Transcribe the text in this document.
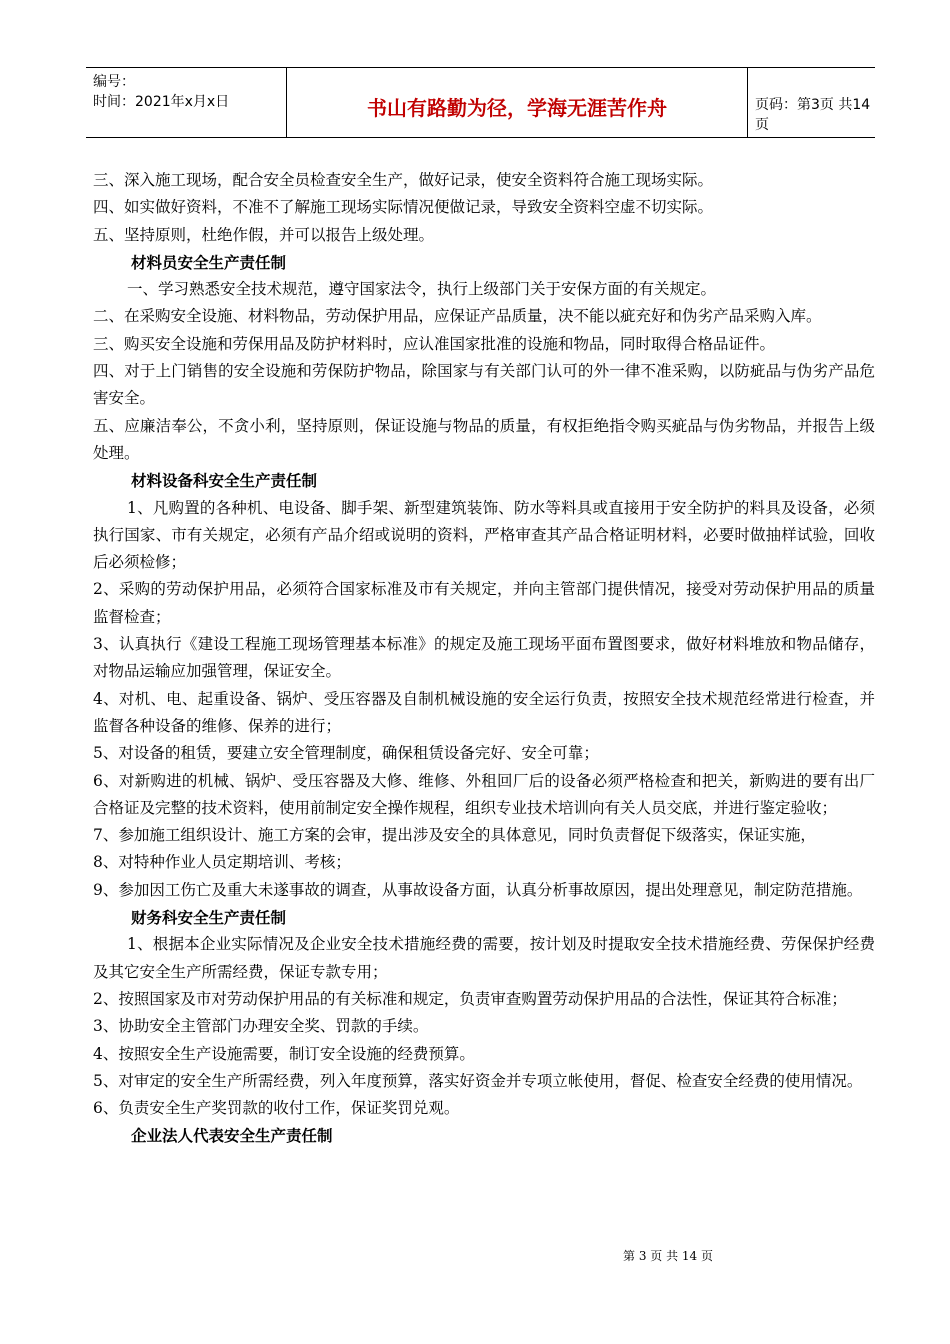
编号：
时间：2021年x月x日	书山有路勤为径，学海无涯苦作舟	页码：第3页 共14页

三、深入施工现场，配合安全员检查安全生产，做好记录，使安全资料符合施工现场实际。

四、如实做好资料，不准不了解施工现场实际情况便做记录，导致安全资料空虚不切实际。

五、坚持原则，杜绝作假，并可以报告上级处理。

材料员安全生产责任制

一、学习熟悉安全技术规范，遵守国家法令，执行上级部门关于安保方面的有关规定。

二、在采购安全设施、材料物品，劳动保护用品，应保证产品质量，决不能以疵充好和伪劣产品采购入库。

三、购买安全设施和劳保用品及防护材料时，应认准国家批准的设施和物品，同时取得合格品证件。

四、对于上门销售的安全设施和劳保防护物品，除国家与有关部门认可的外一律不准采购，以防疵品与伪劣产品危害安全。

五、应廉洁奉公，不贪小利，坚持原则，保证设施与物品的质量，有权拒绝指令购买疵品与伪劣物品，并报告上级处理。

材料设备科安全生产责任制

1、凡购置的各种机、电设备、脚手架、新型建筑装饰、防水等料具或直接用于安全防护的料具及设备，必须执行国家、市有关规定，必须有产品介绍或说明的资料，严格审查其产品合格证明材料，必要时做抽样试验，回收后必须检修；

2、采购的劳动保护用品，必须符合国家标准及市有关规定，并向主管部门提供情况，接受对劳动保护用品的质量监督检查；

3、认真执行《建设工程施工现场管理基本标准》的规定及施工现场平面布置图要求，做好材料堆放和物品储存，对物品运输应加强管理，保证安全。

4、对机、电、起重设备、锅炉、受压容器及自制机械设施的安全运行负责，按照安全技术规范经常进行检查，并监督各种设备的维修、保养的进行；

5、对设备的租赁，要建立安全管理制度，确保租赁设备完好、安全可靠；

6、对新购进的机械、锅炉、受压容器及大修、维修、外租回厂后的设备必须严格检查和把关，新购进的要有出厂合格证及完整的技术资料，使用前制定安全操作规程，组织专业技术培训向有关人员交底，并进行鉴定验收；

7、参加施工组织设计、施工方案的会审，提出涉及安全的具体意见，同时负责督促下级落实，保证实施，

8、对特种作业人员定期培训、考核；

9、参加因工伤亡及重大未遂事故的调查，从事故设备方面，认真分析事故原因，提出处理意见，制定防范措施。

财务科安全生产责任制

1、根据本企业实际情况及企业安全技术措施经费的需要，按计划及时提取安全技术措施经费、劳保保护经费及其它安全生产所需经费，保证专款专用；

2、按照国家及市对劳动保护用品的有关标准和规定，负责审查购置劳动保护用品的合法性，保证其符合标准；

3、协助安全主管部门办理安全奖、罚款的手续。

4、按照安全生产设施需要，制订安全设施的经费预算。

5、对审定的安全生产所需经费，列入年度预算，落实好资金并专项立帐使用，督促、检查安全经费的使用情况。

6、负责安全生产奖罚款的收付工作，保证奖罚兑观。

企业法人代表安全生产责任制
第 3 页 共 14 页
